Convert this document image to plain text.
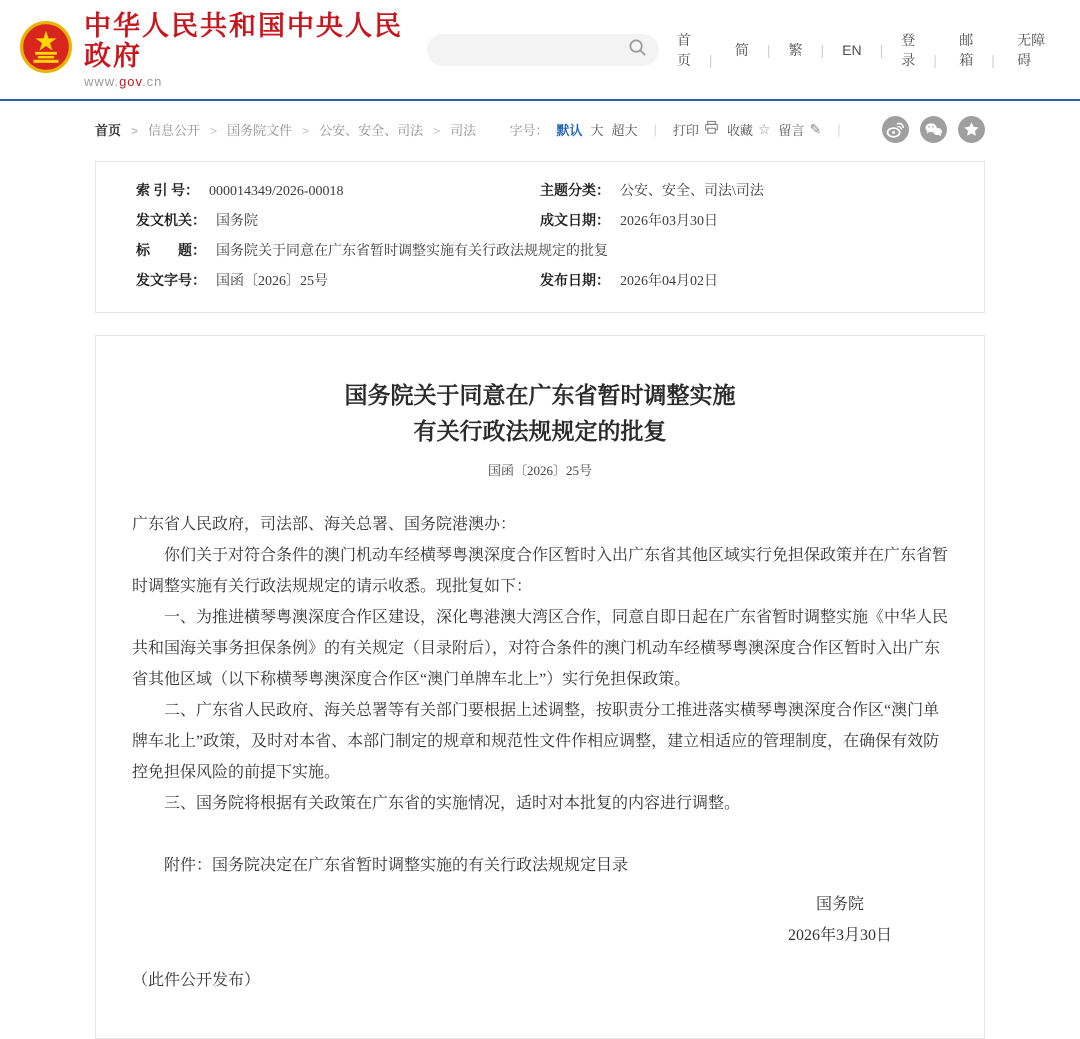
中华人民共和国中央人民政府
www.gov.cn
首页 |
简 |	繁 |	EN |
登录 |
邮箱 |
无障碍
首页 >	信息公开 >	国务院文件 >	公安、安全、司法 >	司法	字号： 默认 大 超大 | 打印 收藏 ☆ 留言 ✎ |
索 引 号： 000014349/2026-00018	主题分类： 公安、安全、司法\司法
发文机关： 国务院	成文日期： 2026年03月30日
标　　题： 国务院关于同意在广东省暂时调整实施有关行政法规规定的批复
发文字号： 国函〔2026〕25号	发布日期： 2026年04月02日
国务院关于同意在广东省暂时调整实施
有关行政法规规定的批复
国函〔2026〕25号

广东省人民政府，司法部、海关总署、国务院港澳办：

你们关于对符合条件的澳门机动车经横琴粤澳深度合作区暂时入出广东省其他区域实行免担保政策并在广东省暂时调整实施有关行政法规规定的请示收悉。现批复如下：

一、为推进横琴粤澳深度合作区建设，深化粤港澳大湾区合作，同意自即日起在广东省暂时调整实施《中华人民共和国海关事务担保条例》的有关规定（目录附后），对符合条件的澳门机动车经横琴粤澳深度合作区暂时入出广东省其他区域（以下称横琴粤澳深度合作区“澳门单牌车北上”）实行免担保政策。

二、广东省人民政府、海关总署等有关部门要根据上述调整，按职责分工推进落实横琴粤澳深度合作区“澳门单牌车北上”政策，及时对本省、本部门制定的规章和规范性文件作相应调整，建立相适应的管理制度，在确保有效防控免担保风险的前提下实施。

三、国务院将根据有关政策在广东省的实施情况，适时对本批复的内容进行调整。

附件：国务院决定在广东省暂时调整实施的有关行政法规规定目录

国务院
2026年3月30日

（此件公开发布）
